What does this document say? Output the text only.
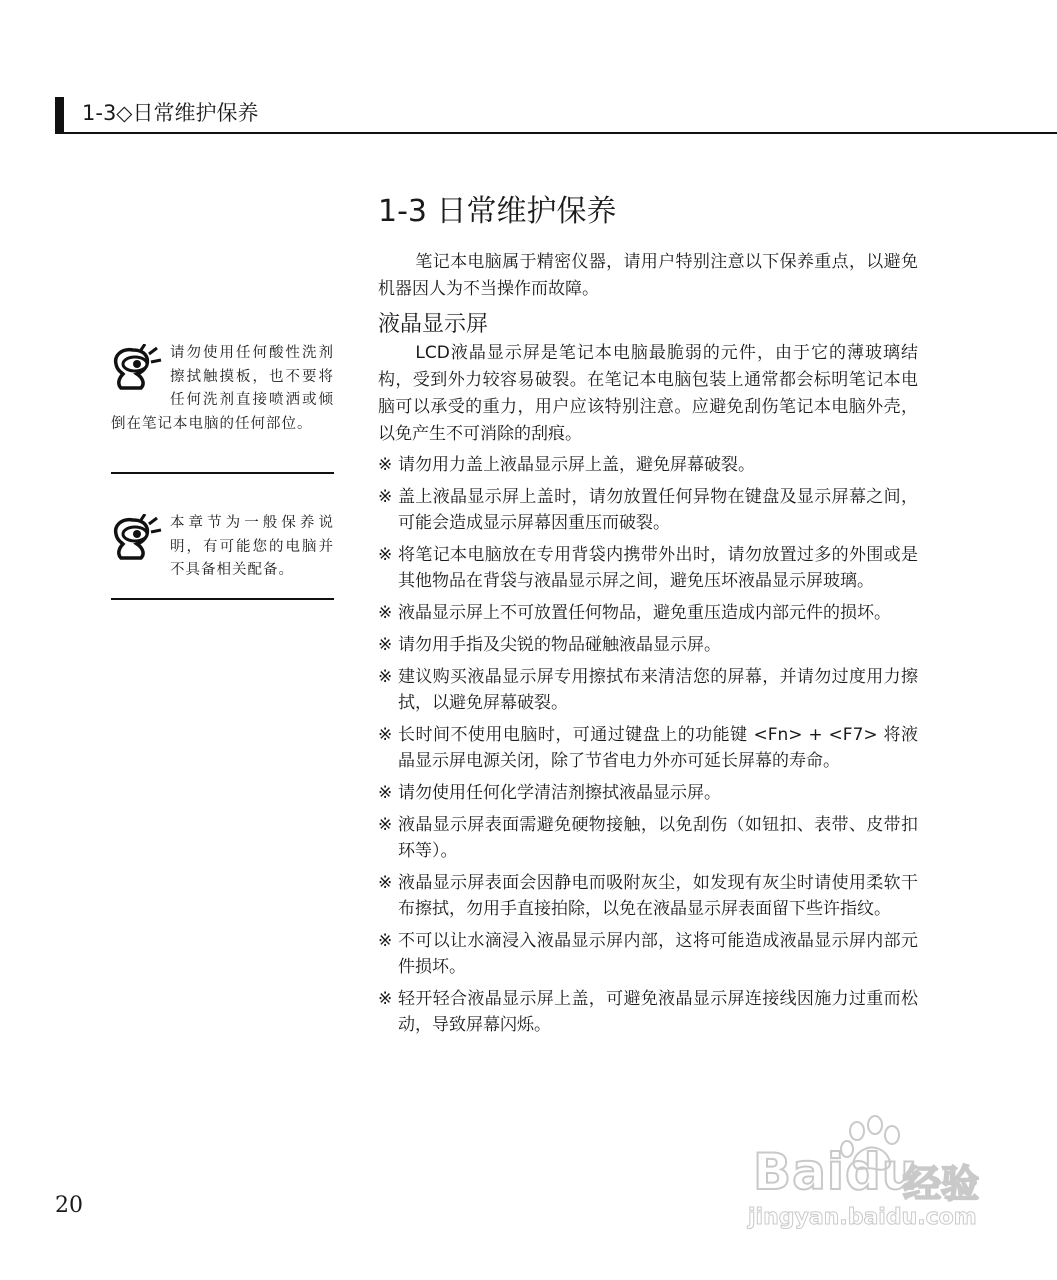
1-3◇日常维护保养
1-3 日常维护保养

笔记本电脑属于精密仪器，请用户特别注意以下保养重点，以避免机器因人为不当操作而故障。

液晶显示屏

LCD液晶显示屏是笔记本电脑最脆弱的元件，由于它的薄玻璃结构，受到外力较容易破裂。在笔记本电脑包装上通常都会标明笔记本电脑可以承受的重力，用户应该特别注意。应避免刮伤笔记本电脑外壳，以免产生不可消除的刮痕。

※ 请勿用力盖上液晶显示屏上盖，避免屏幕破裂。
※ 盖上液晶显示屏上盖时，请勿放置任何异物在键盘及显示屏幕之间，可能会造成显示屏幕因重压而破裂。
※ 将笔记本电脑放在专用背袋内携带外出时，请勿放置过多的外围或是其他物品在背袋与液晶显示屏之间，避免压坏液晶显示屏玻璃。
※ 液晶显示屏上不可放置任何物品，避免重压造成内部元件的损坏。
※ 请勿用手指及尖锐的物品碰触液晶显示屏。
※ 建议购买液晶显示屏专用擦拭布来清洁您的屏幕，并请勿过度用力擦拭，以避免屏幕破裂。
※ 长时间不使用电脑时，可通过键盘上的功能键 <Fn> + <F7> 将液晶显示屏电源关闭，除了节省电力外亦可延长屏幕的寿命。
※ 请勿使用任何化学清洁剂擦拭液晶显示屏。
※ 液晶显示屏表面需避免硬物接触，以免刮伤（如钮扣、表带、皮带扣环等）。
※ 液晶显示屏表面会因静电而吸附灰尘，如发现有灰尘时请使用柔软干布擦拭，勿用手直接拍除，以免在液晶显示屏表面留下些许指纹。
※ 不可以让水滴浸入液晶显示屏内部，这将可能造成液晶显示屏内部元件损坏。
※ 轻开轻合液晶显示屏上盖，可避免液晶显示屏连接线因施力过重而松动，导致屏幕闪烁。

请勿使用任何酸性洗剂擦拭触摸板，也不要将任何洗剂直接喷洒或倾倒在笔记本电脑的任何部位。

本章节为一般保养说明，有可能您的电脑并不具备相关配备。

20
Baidu
经验
jingyan.baidu.com
